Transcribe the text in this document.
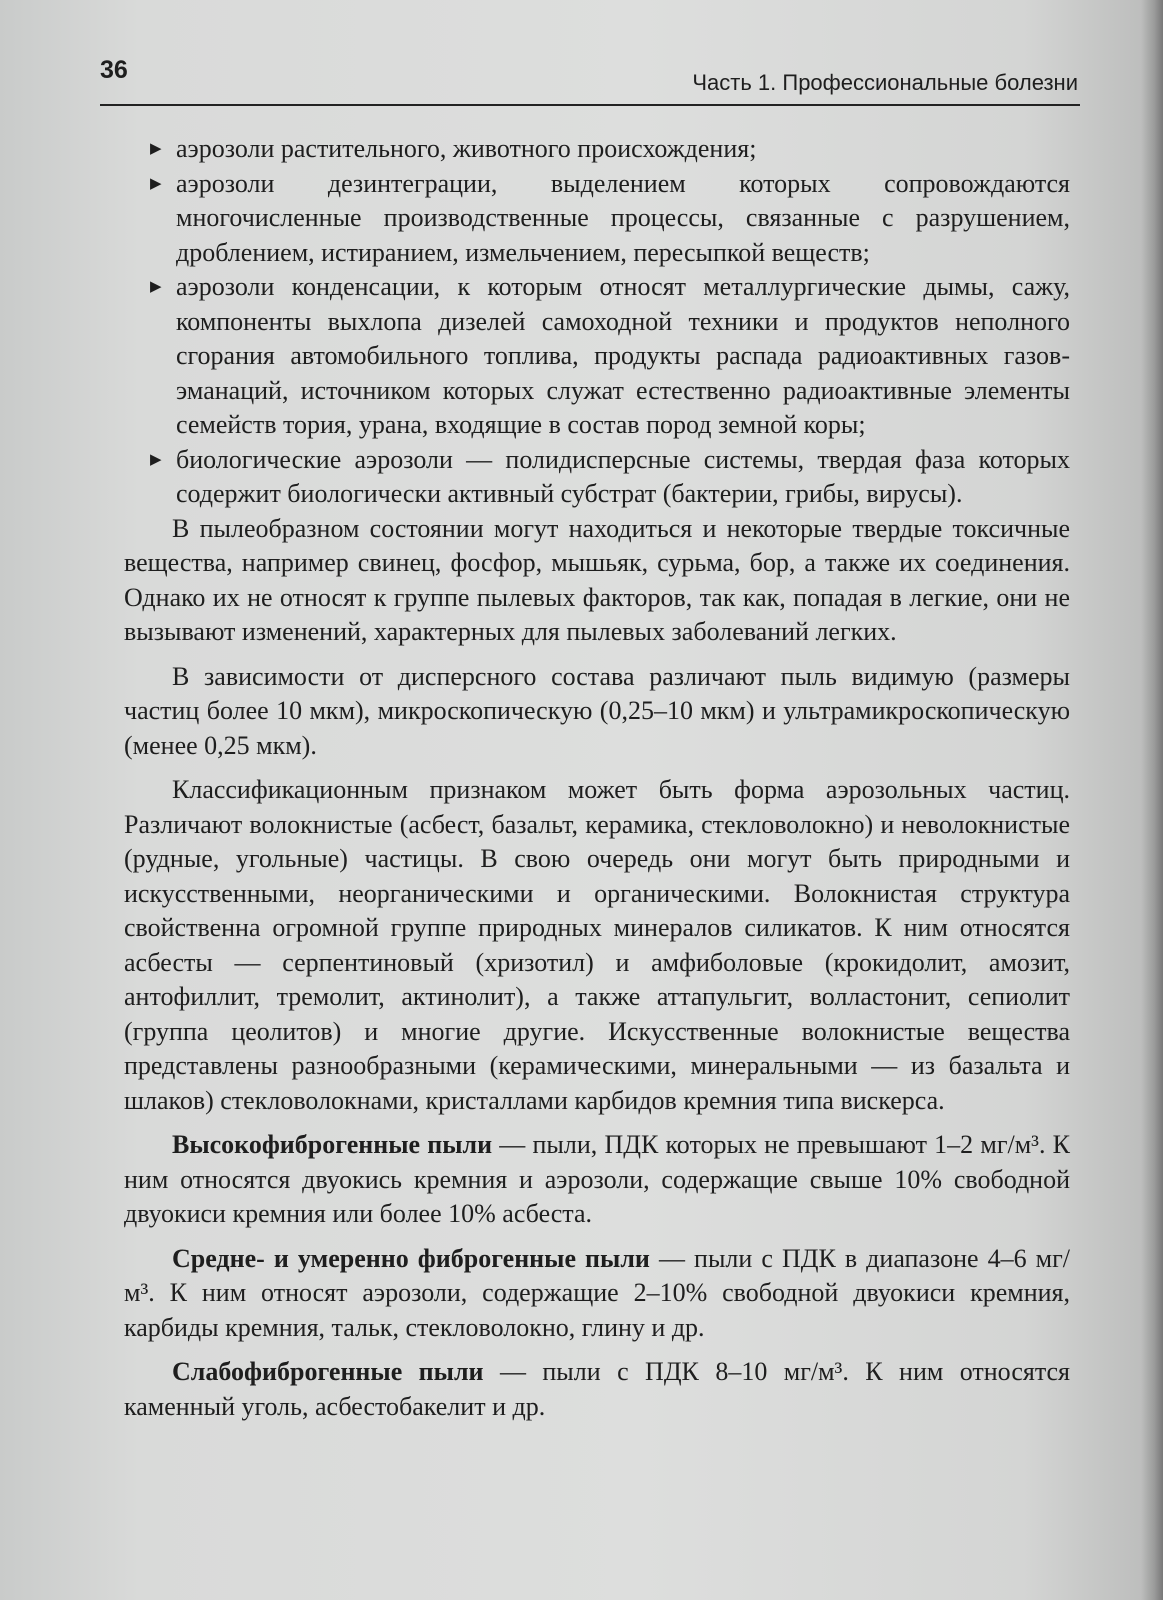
36	Часть 1. Профессиональные болезни
▶ аэрозоли растительного, животного происхождения;
▶ аэрозоли дезинтеграции, выделением которых сопровождаются многочисленные производственные процессы, связанные с разрушением, дроблением, истиранием, измельчением, пересыпкой веществ;
▶ аэрозоли конденсации, к которым относят металлургические дымы, сажу, компоненты выхлопа дизелей самоходной техники и продуктов неполного сгорания автомобильного топлива, продукты распада радиоактивных газов-эманаций, источником которых служат естественно радиоактивные элементы семейств тория, урана, входящие в состав пород земной коры;
▶ биологические аэрозоли — полидисперсные системы, твердая фаза которых содержит биологически активный субстрат (бактерии, грибы, вирусы).

В пылеобразном состоянии могут находиться и некоторые твердые токсичные вещества, например свинец, фосфор, мышьяк, сурьма, бор, а также их соединения. Однако их не относят к группе пылевых факторов, так как, попадая в легкие, они не вызывают изменений, характерных для пылевых заболеваний легких.

В зависимости от дисперсного состава различают пыль видимую (размеры частиц более 10 мкм), микроскопическую (0,25–10 мкм) и ультрамикроскопическую (менее 0,25 мкм).

Классификационным признаком может быть форма аэрозольных частиц. Различают волокнистые (асбест, базальт, керамика, стекловолокно) и неволокнистые (рудные, угольные) частицы. В свою очередь они могут быть природными и искусственными, неорганическими и органическими. Волокнистая структура свойственна огромной группе природных минералов силикатов. К ним относятся асбесты — серпентиновый (хризотил) и амфиболовые (крокидолит, амозит, антофиллит, тремолит, актинолит), а также аттапульгит, волластонит, сепиолит (группа цеолитов) и многие другие. Искусственные волокнистые вещества представлены разнообразными (керамическими, минеральными — из базальта и шлаков) стекловолокнами, кристаллами карбидов кремния типа вискерса.

Высокофиброгенные пыли — пыли, ПДК которых не превышают 1–2 мг/м³. К ним относятся двуокись кремния и аэрозоли, содержащие свыше 10% свободной двуокиси кремния или более 10% асбеста.

Средне- и умеренно фиброгенные пыли — пыли с ПДК в диапазоне 4–6 мг/м³. К ним относят аэрозоли, содержащие 2–10% свободной двуокиси кремния, карбиды кремния, тальк, стекловолокно, глину и др.

Слабофиброгенные пыли — пыли с ПДК 8–10 мг/м³. К ним относятся каменный уголь, асбестобакелит и др.
